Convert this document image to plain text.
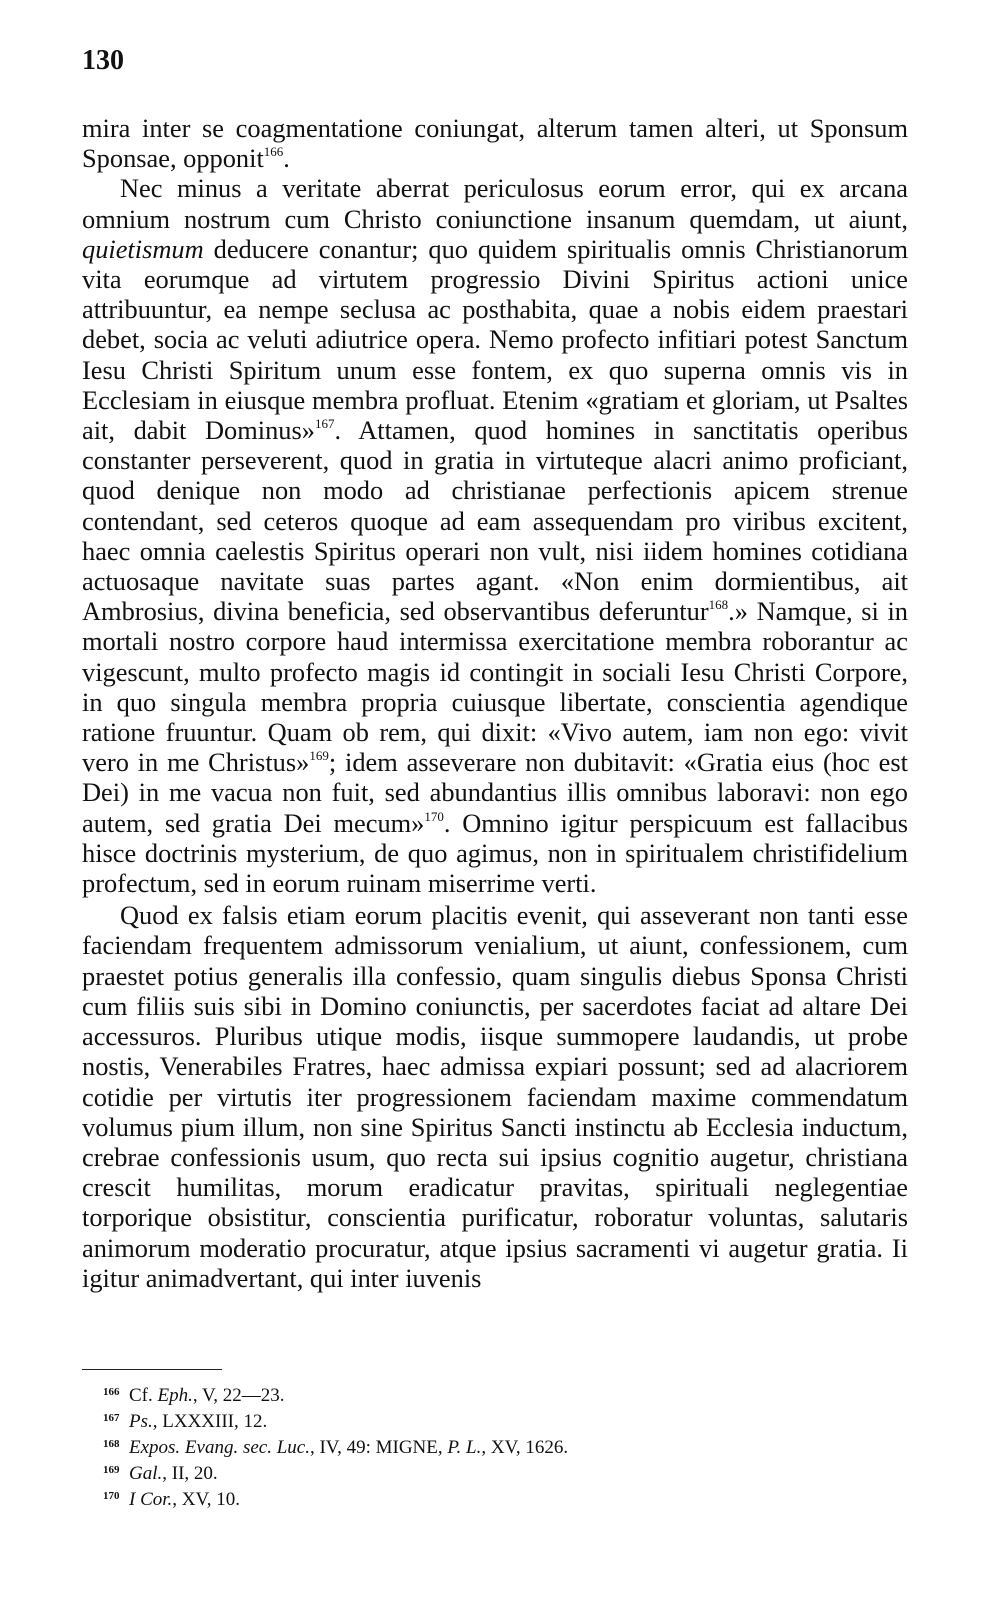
130

mira inter se coagmentatione coniungat, alterum tamen alteri, ut Sponsum Sponsae, opponit$^{166}$.

Nec minus a veritate aberrat periculosus eorum error, qui ex arcana omnium nostrum cum Christo coniunctione insanum quemdam, ut aiunt, quietismum deducere conantur; quo quidem spiritualis omnis Christianorum vita eorumque ad virtutem progressio Divini Spiritus actioni unice attribuuntur, ea nempe seclusa ac posthabita, quae a nobis eidem praestari debet, socia ac veluti adiutrice opera. Nemo profecto infitiari potest Sanctum Iesu Christi Spiritum unum esse fontem, ex quo superna omnis vis in Ecclesiam in eiusque membra profluat. Etenim «gratiam et gloriam, ut Psaltes ait, dabit Dominus»$^{167}$. Attamen, quod homines in sanctitatis operibus constanter perseverent, quod in gratia in virtuteque alacri animo proficiant, quod denique non modo ad christianae perfectionis apicem strenue contendant, sed ceteros quoque ad eam assequendam pro viribus excitent, haec omnia caelestis Spiritus operari non vult, nisi iidem homines cotidiana actuosaque navitate suas partes agant. «Non enim dormientibus, ait Ambrosius, divina beneficia, sed observantibus deferuntur$^{168}$.» Namque, si in mortali nostro corpore haud intermissa exercitatione membra roborantur ac vigescunt, multo profecto magis id contingit in sociali Iesu Christi Corpore, in quo singula membra propria cuiusque libertate, conscientia agendique ratione fruuntur. Quam ob rem, qui dixit: «Vivo autem, iam non ego: vivit vero in me Christus»$^{169}$; idem asseverare non dubitavit: «Gratia eius (hoc est Dei) in me vacua non fuit, sed abundantius illis omnibus laboravi: non ego autem, sed gratia Dei mecum»$^{170}$. Omnino igitur perspicuum est fallacibus hisce doctrinis mysterium, de quo agimus, non in spiritualem christifidelium profectum, sed in eorum ruinam miserrime verti.

Quod ex falsis etiam eorum placitis evenit, qui asseverant non tanti esse faciendam frequentem admissorum venialium, ut aiunt, confessionem, cum praestet potius generalis illa confessio, quam singulis diebus Sponsa Christi cum filiis suis sibi in Domino coniunctis, per sacerdotes faciat ad altare Dei accessuros. Pluribus utique modis, iisque summopere laudandis, ut probe nostis, Venerabiles Fratres, haec admissa expiari possunt; sed ad alacriorem cotidie per virtutis iter progressionem faciendam maxime commendatum volumus pium illum, non sine Spiritus Sancti instinctu ab Ecclesia inductum, crebrae confessionis usum, quo recta sui ipsius cognitio augetur, christiana crescit humilitas, morum eradicatur pravitas, spirituali neglegentiae torporique obsistitur, conscientia purificatur, roboratur voluntas, salutaris animorum moderatio procuratur, atque ipsius sacramenti vi augetur gratia. Ii igitur animadvertant, qui inter iuvenis

166 Cf. Eph., V, 22—23.
167 Ps., LXXXIII, 12.
168 Expos. Evang. sec. Luc., IV, 49: MIGNE, P. L., XV, 1626.
169 Gal., II, 20.
170 I Cor., XV, 10.
